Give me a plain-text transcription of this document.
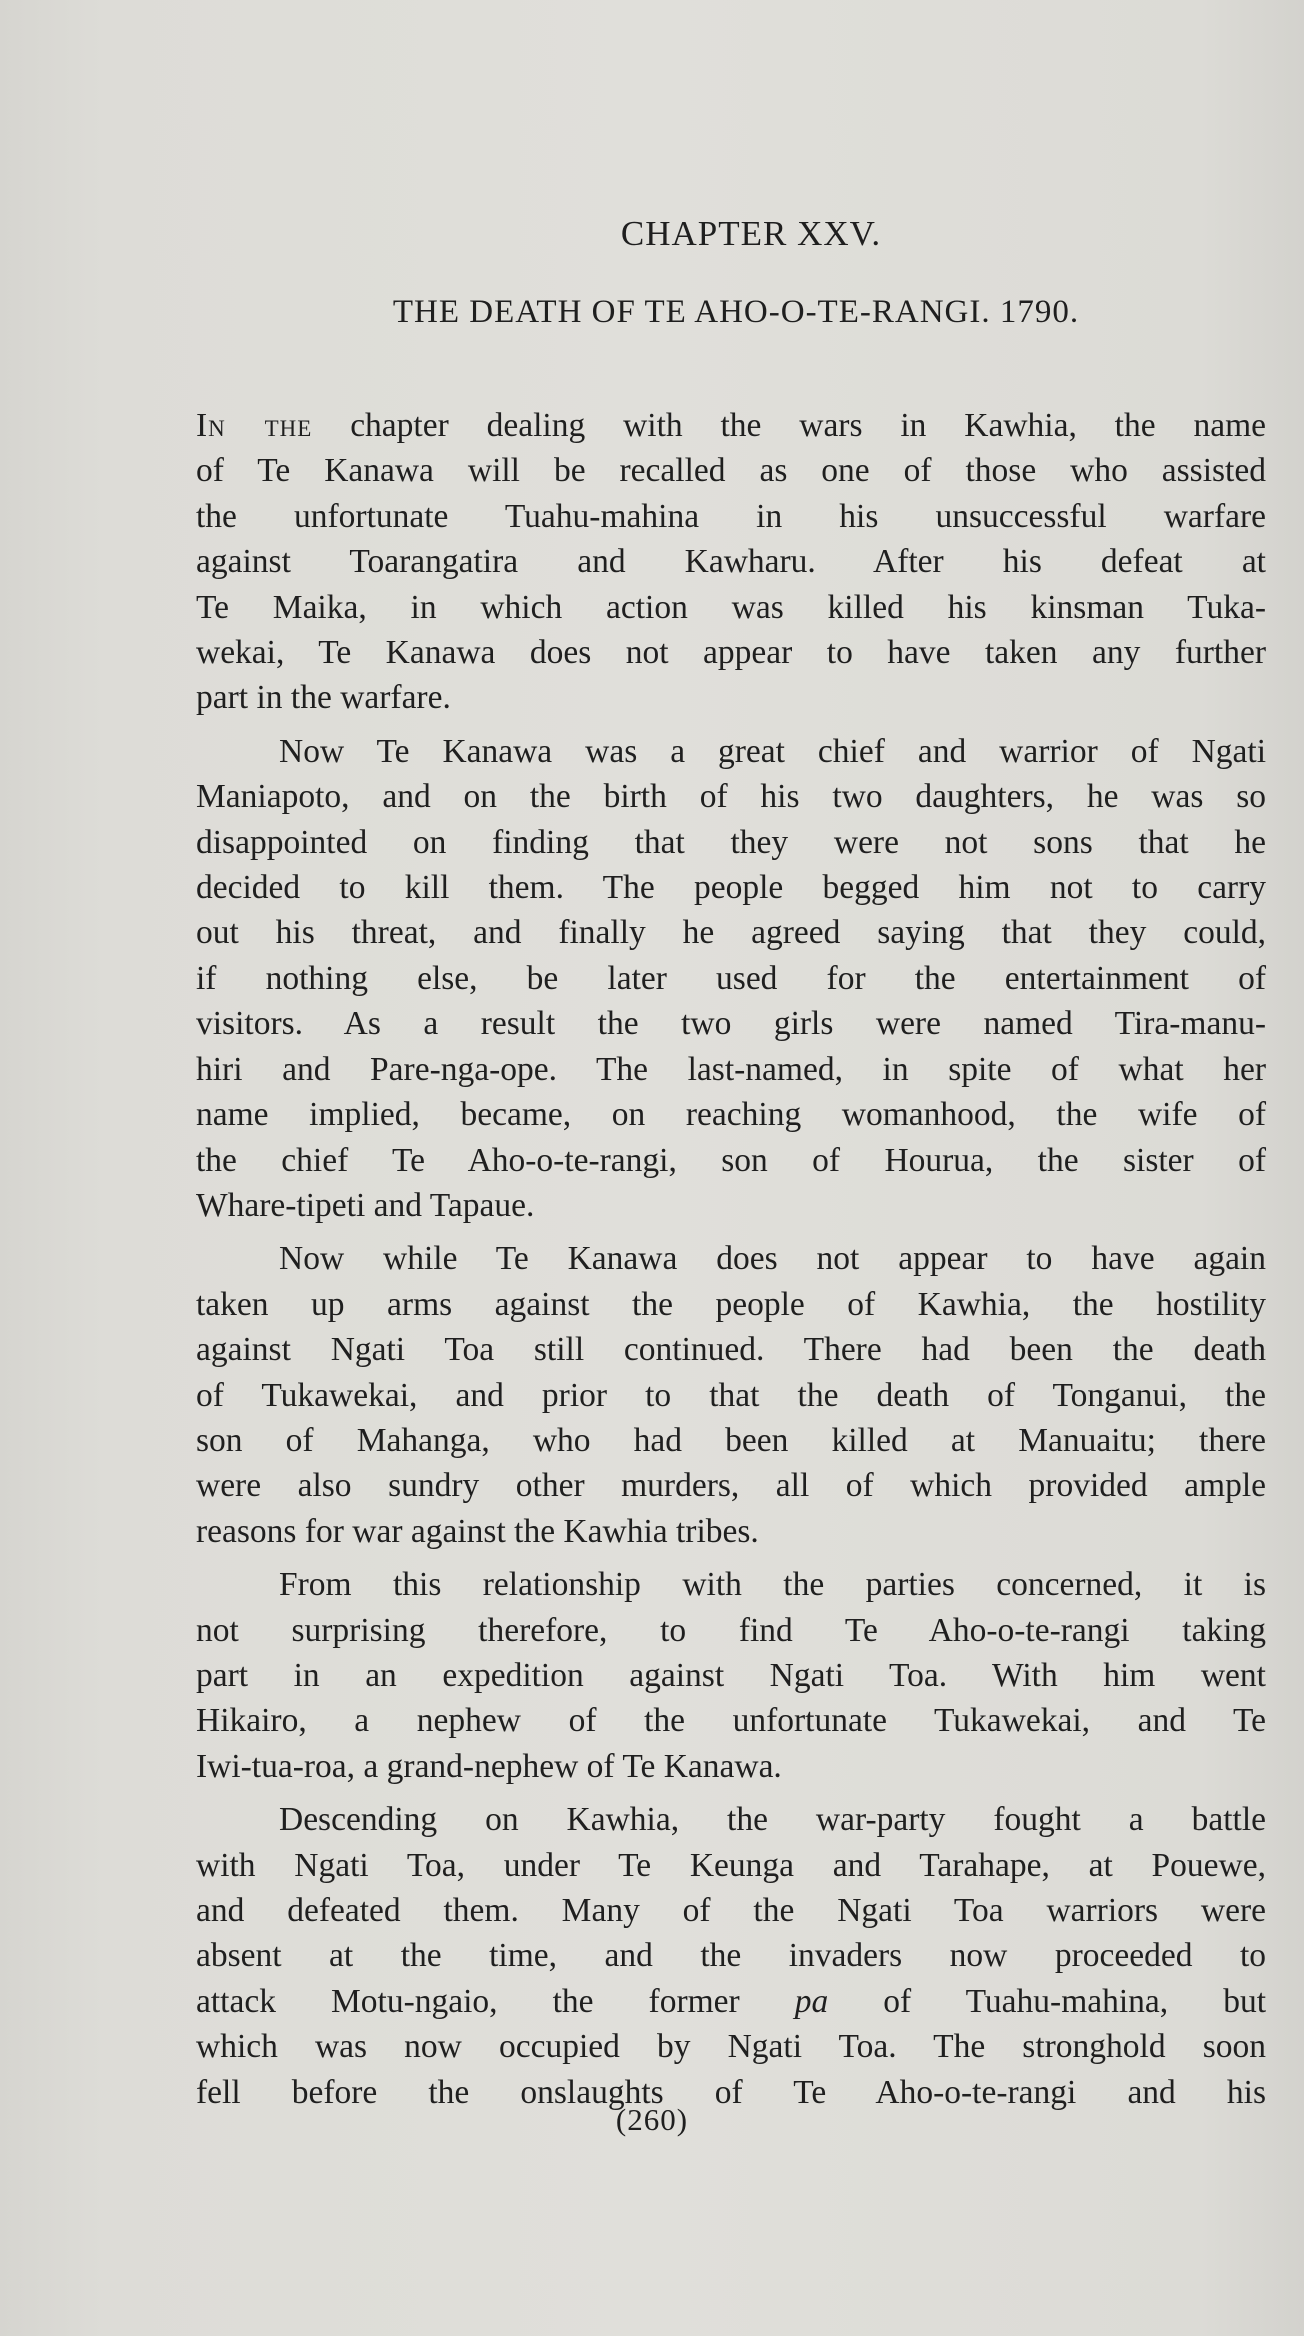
CHAPTER XXV.
THE DEATH OF TE AHO-O-TE-RANGI. 1790.
In the chapter dealing with the wars in Kawhia, the name
of Te Kanawa will be recalled as one of those who assisted
the unfortunate Tuahu-mahina in his unsuccessful warfare
against Toarangatira and Kawharu. After his defeat at
Te Maika, in which action was killed his kinsman Tuka-
wekai, Te Kanawa does not appear to have taken any further
part in the warfare.
Now Te Kanawa was a great chief and warrior of Ngati
Maniapoto, and on the birth of his two daughters, he was so
disappointed on finding that they were not sons that he
decided to kill them. The people begged him not to carry
out his threat, and finally he agreed saying that they could,
if nothing else, be later used for the entertainment of
visitors. As a result the two girls were named Tira-manu-
hiri and Pare-nga-ope. The last-named, in spite of what her
name implied, became, on reaching womanhood, the wife of
the chief Te Aho-o-te-rangi, son of Hourua, the sister of
Whare-tipeti and Tapaue.
Now while Te Kanawa does not appear to have again
taken up arms against the people of Kawhia, the hostility
against Ngati Toa still continued. There had been the death
of Tukawekai, and prior to that the death of Tonganui, the
son of Mahanga, who had been killed at Manuaitu; there
were also sundry other murders, all of which provided ample
reasons for war against the Kawhia tribes.
From this relationship with the parties concerned, it is
not surprising therefore, to find Te Aho-o-te-rangi taking
part in an expedition against Ngati Toa. With him went
Hikairo, a nephew of the unfortunate Tukawekai, and Te
Iwi-tua-roa, a grand-nephew of Te Kanawa.
Descending on Kawhia, the war-party fought a battle
with Ngati Toa, under Te Keunga and Tarahape, at Pouewe,
and defeated them. Many of the Ngati Toa warriors were
absent at the time, and the invaders now proceeded to
attack Motu-ngaio, the former pa of Tuahu-mahina, but
which was now occupied by Ngati Toa. The stronghold soon
fell before the onslaughts of Te Aho-o-te-rangi and his
(260)
